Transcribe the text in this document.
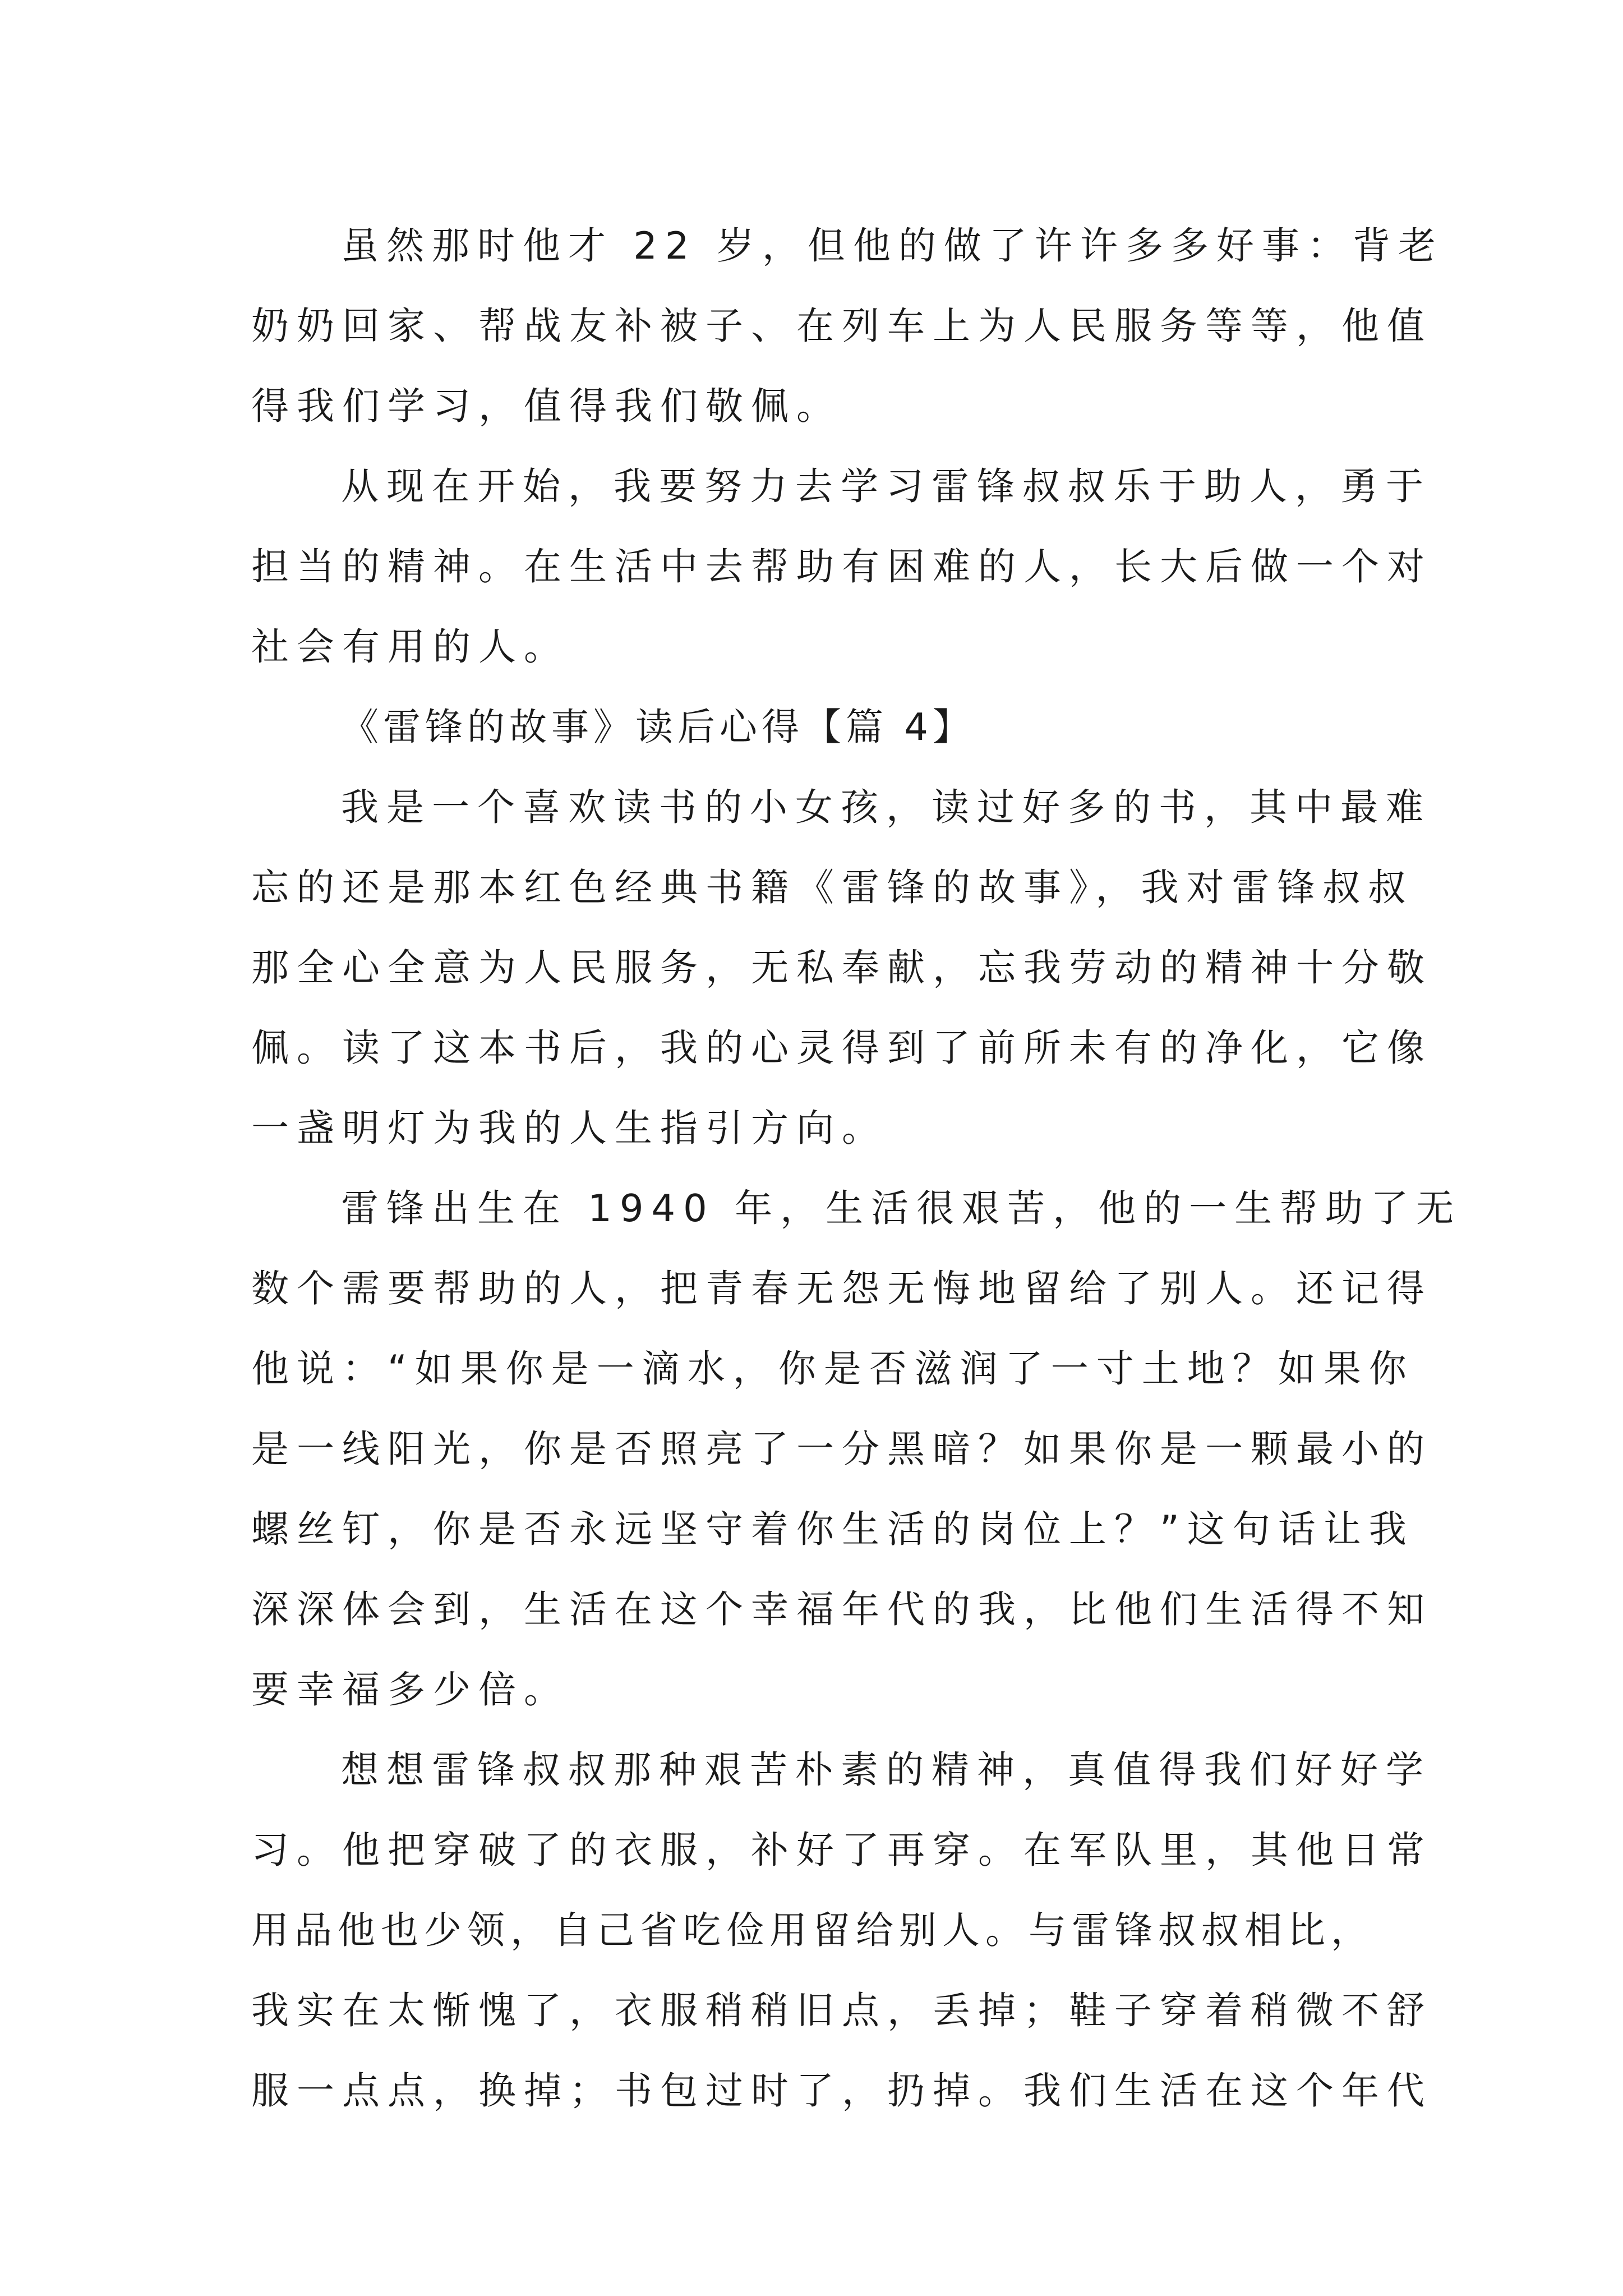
虽然那时他才 22 岁，但他的做了许许多多好事：背老
奶奶回家、帮战友补被子、在列车上为人民服务等等，他值
得我们学习，值得我们敬佩。
从现在开始，我要努力去学习雷锋叔叔乐于助人，勇于
担当的精神。在生活中去帮助有困难的人，长大后做一个对
社会有用的人。
《雷锋的故事》读后心得【篇 4】
我是一个喜欢读书的小女孩，读过好多的书，其中最难
忘的还是那本红色经典书籍《雷锋的故事》，我对雷锋叔叔
那全心全意为人民服务，无私奉献，忘我劳动的精神十分敬
佩。读了这本书后，我的心灵得到了前所未有的净化，它像
一盏明灯为我的人生指引方向。
雷锋出生在 1940 年，生活很艰苦，他的一生帮助了无
数个需要帮助的人，把青春无怨无悔地留给了别人。还记得
他说：“如果你是一滴水，你是否滋润了一寸土地？如果你
是一线阳光，你是否照亮了一分黑暗？如果你是一颗最小的
螺丝钉，你是否永远坚守着你生活的岗位上？”这句话让我
深深体会到，生活在这个幸福年代的我，比他们生活得不知
要幸福多少倍。
想想雷锋叔叔那种艰苦朴素的精神，真值得我们好好学
习。他把穿破了的衣服，补好了再穿。在军队里，其他日常
用品他也少领，自己省吃俭用留给别人。与雷锋叔叔相比，
我实在太惭愧了，衣服稍稍旧点，丢掉；鞋子穿着稍微不舒
服一点点，换掉；书包过时了，扔掉。我们生活在这个年代
